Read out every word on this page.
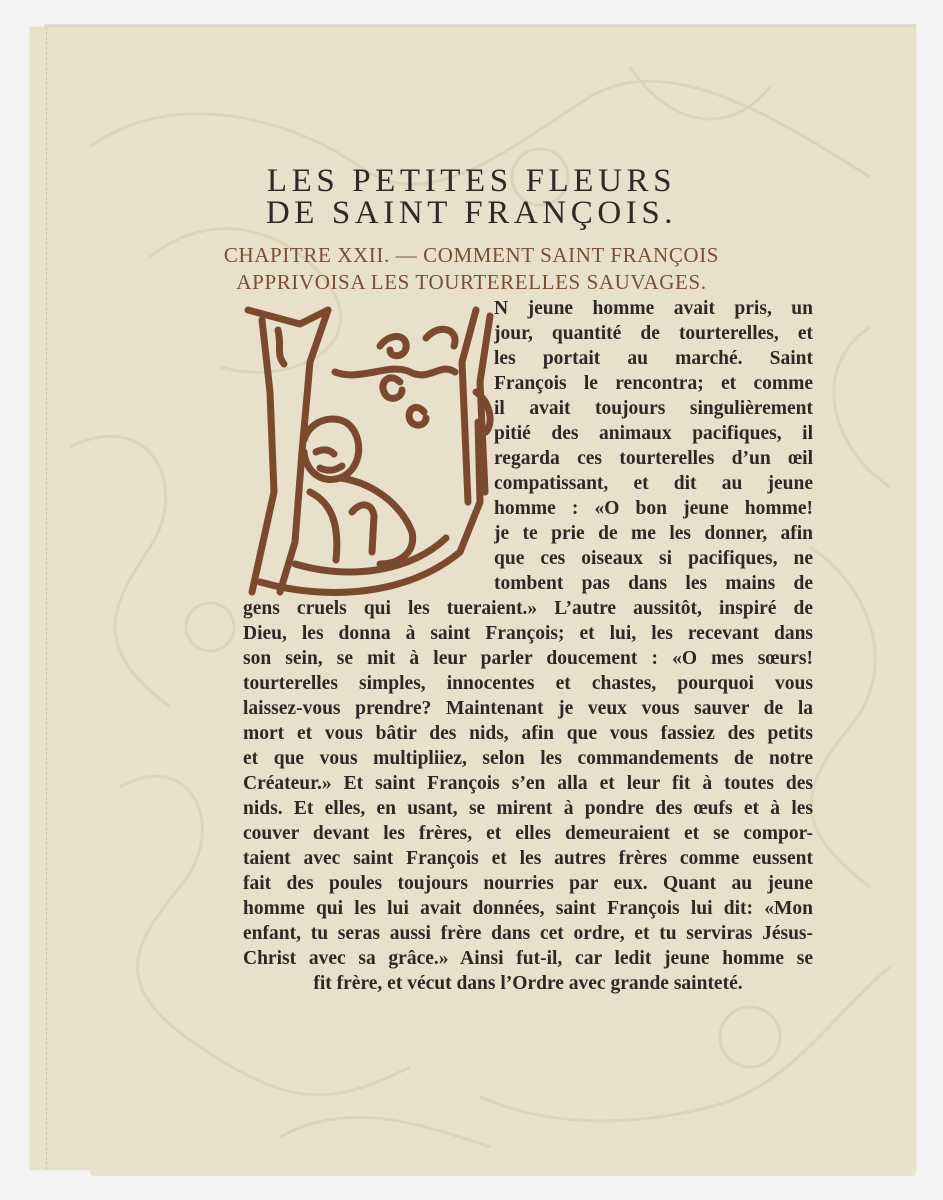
LES PETITES FLEURS
DE SAINT FRANÇOIS.
CHAPITRE XXII. — COMMENT SAINT FRANÇOIS
APPRIVOISA LES TOURTERELLES SAUVAGES.
N jeune homme avait pris, un
jour, quantité de tourterelles, et
les portait au marché. Saint
François le rencontra; et comme
il avait toujours singulièrement
pitié des animaux pacifiques, il
regarda ces tourterelles d’un œil
compatissant, et dit au jeune
homme : «O bon jeune homme!
je te prie de me les donner, afin
que ces oiseaux si pacifiques, ne
tombent pas dans les mains de
gens cruels qui les tueraient.» L’autre aussitôt, inspiré de
Dieu, les donna à saint François; et lui, les recevant dans
son sein, se mit à leur parler doucement : «O mes sœurs!
tourterelles simples, innocentes et chastes, pourquoi vous
laissez-vous prendre? Maintenant je veux vous sauver de la
mort et vous bâtir des nids, afin que vous fassiez des petits
et que vous multipliiez, selon les commandements de notre
Créateur.» Et saint François s’en alla et leur fit à toutes des
nids. Et elles, en usant, se mirent à pondre des œufs et à les
couver devant les frères, et elles demeuraient et se compor-
taient avec saint François et les autres frères comme eussent
fait des poules toujours nourries par eux. Quant au jeune
homme qui les lui avait données, saint François lui dit: «Mon
enfant, tu seras aussi frère dans cet ordre, et tu serviras Jésus-
Christ avec sa grâce.» Ainsi fut-il, car ledit jeune homme se
fit frère, et vécut dans l’Ordre avec grande sainteté.
